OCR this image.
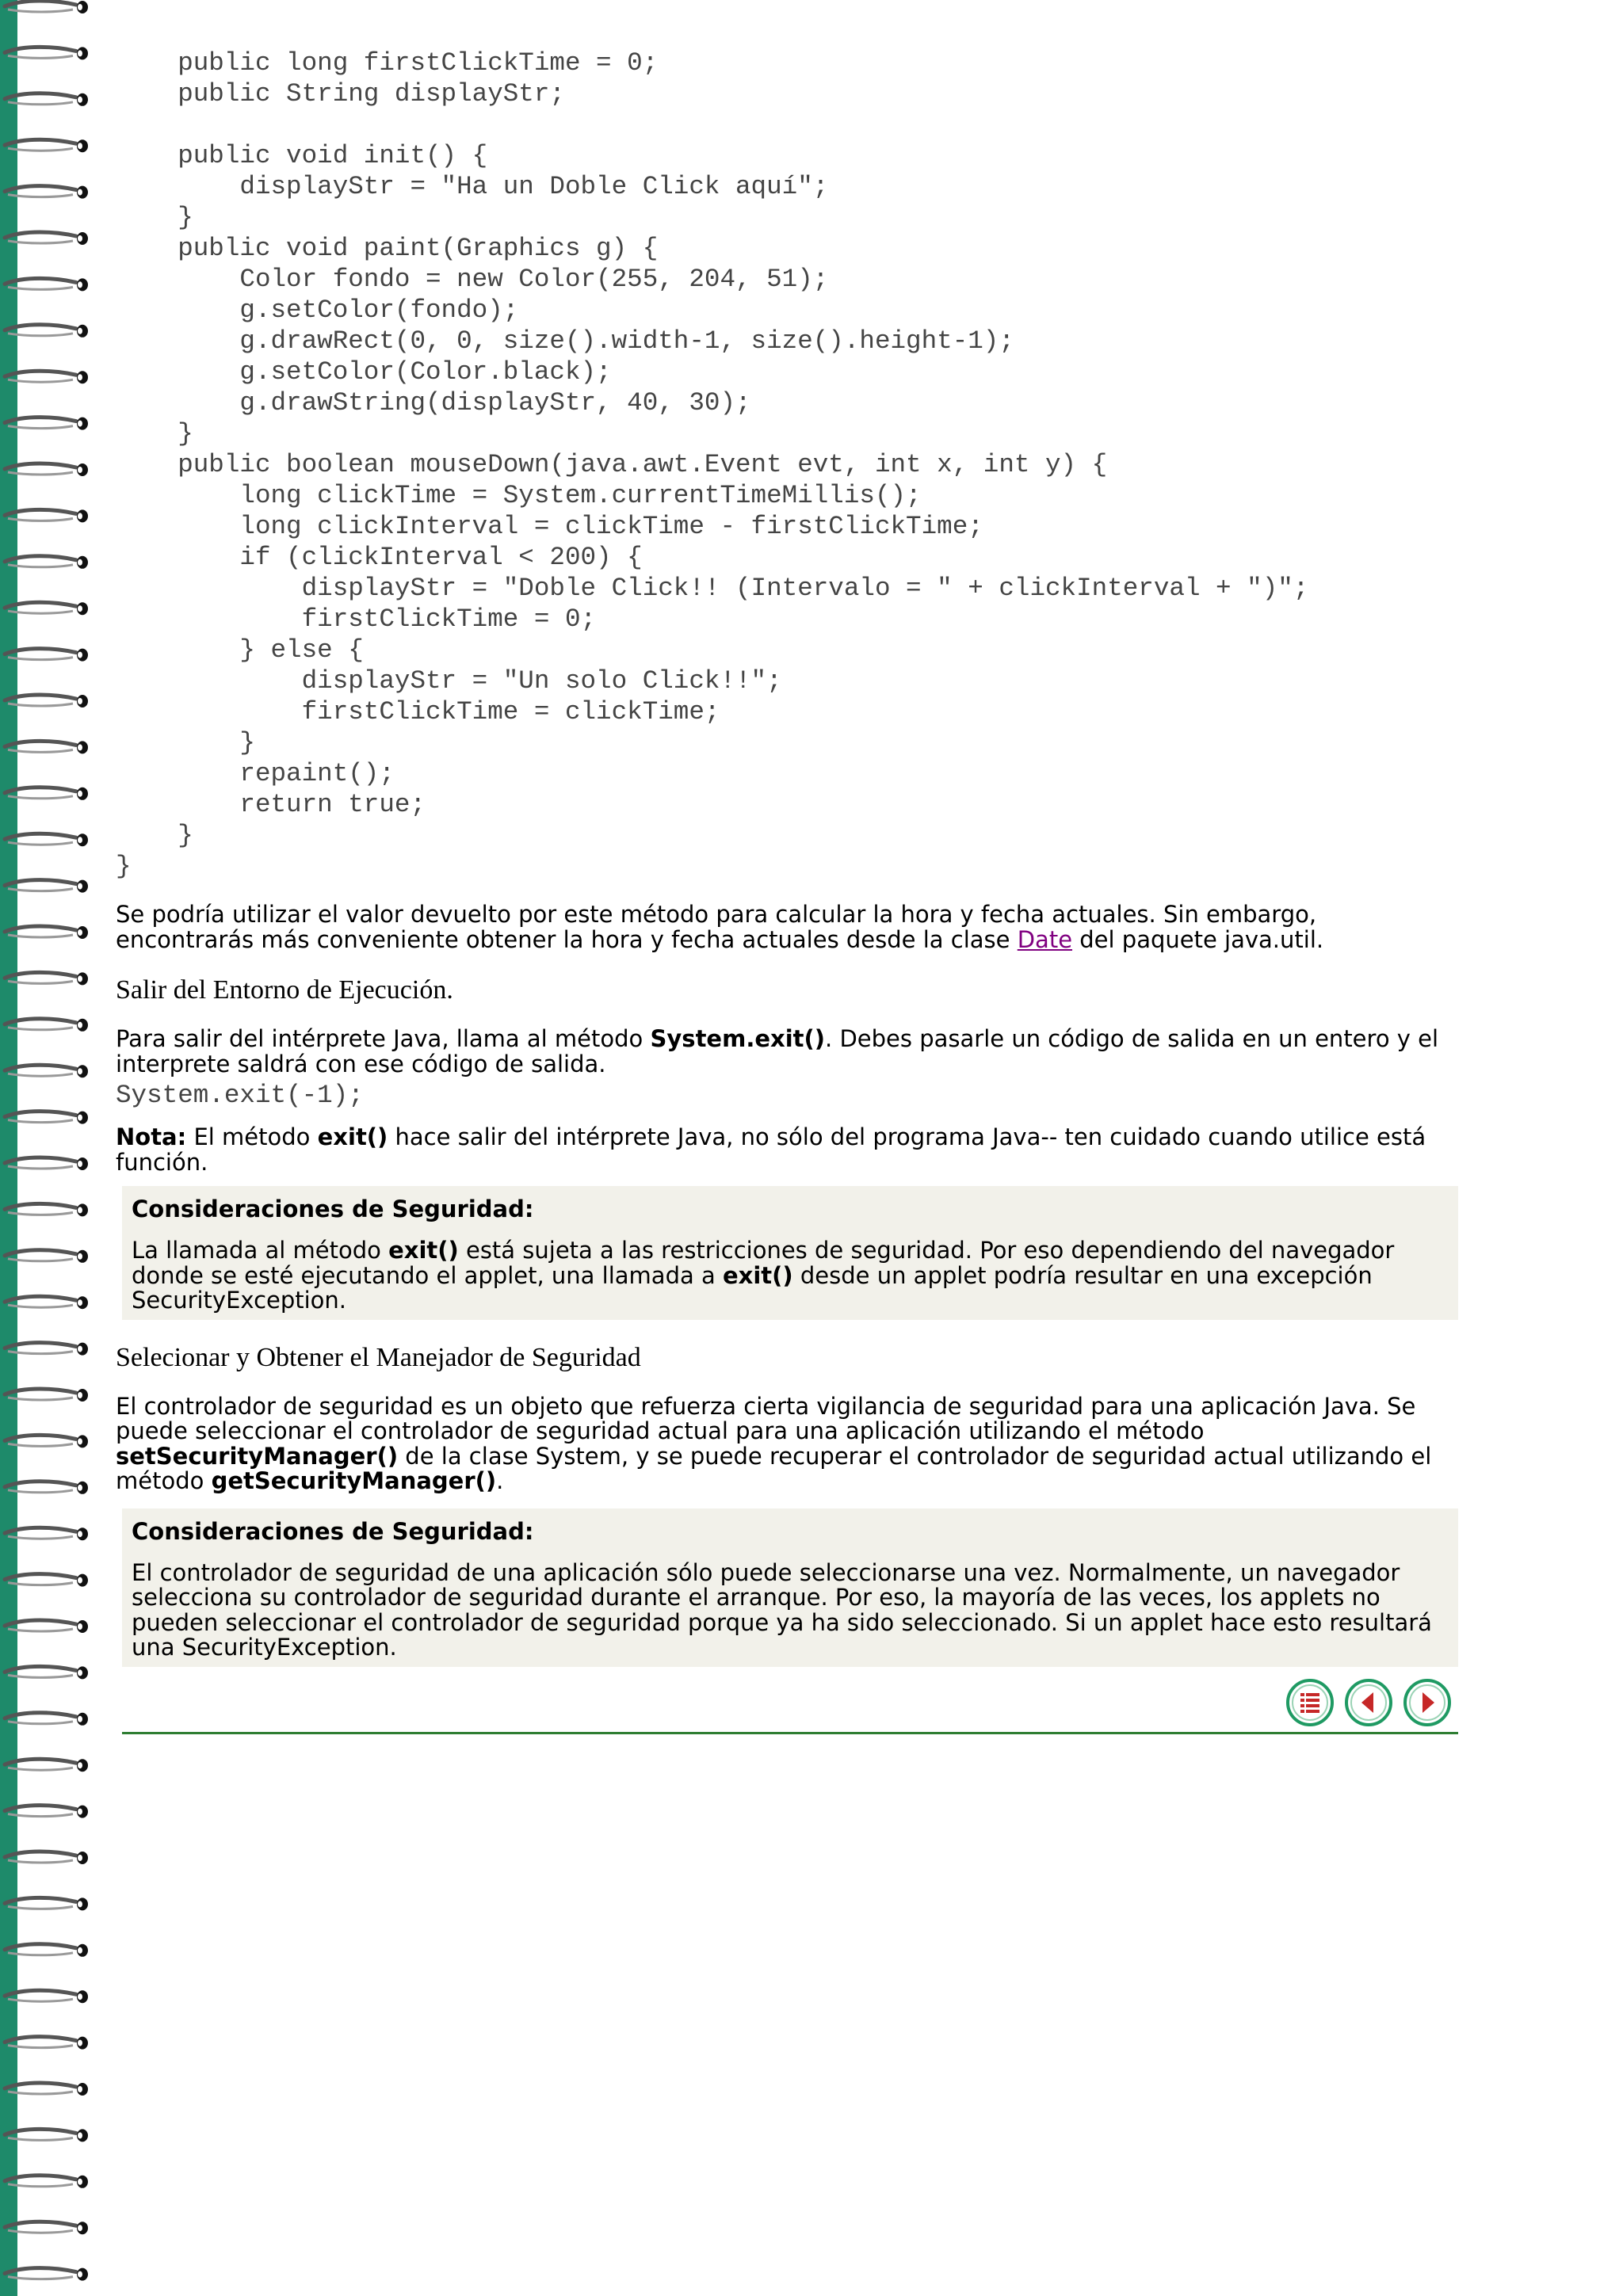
public long firstClickTime = 0;
public String displayStr;

public void init() {
displayStr = "Ha un Doble Click aquí";
}
public void paint(Graphics g) {
Color fondo = new Color(255, 204, 51);
g.setColor(fondo);
g.drawRect(0, 0, size().width-1, size().height-1);
g.setColor(Color.black);
g.drawString(displayStr, 40, 30);
}
public boolean mouseDown(java.awt.Event evt, int x, int y) {
long clickTime = System.currentTimeMillis();
long clickInterval = clickTime - firstClickTime;
if (clickInterval < 200) {
displayStr = "Doble Click!! (Intervalo = " + clickInterval + ")";
firstClickTime = 0;
} else {
displayStr = "Un solo Click!!";
firstClickTime = clickTime;
}
repaint();
return true;
}
}

Se podría utilizar el valor devuelto por este método para calcular la hora y fecha actuales. Sin embargo, encontrarás más conveniente obtener la hora y fecha actuales desde la clase Date del paquete java.util.

Salir del Entorno de Ejecución.

Para salir del intérprete Java, llama al método System.exit(). Debes pasarle un código de salida en un entero y el interprete saldrá con ese código de salida.

System.exit(-1);

Nota: El método exit() hace salir del intérprete Java, no sólo del programa Java-- ten cuidado cuando utilice está función.

Consideraciones de Seguridad:

La llamada al método exit() está sujeta a las restricciones de seguridad. Por eso dependiendo del navegador donde se esté ejecutando el applet, una llamada a exit() desde un applet podría resultar en una excepción SecurityException.

Selecionar y Obtener el Manejador de Seguridad

El controlador de seguridad es un objeto que refuerza cierta vigilancia de seguridad para una aplicación Java. Se puede seleccionar el controlador de seguridad actual para una aplicación utilizando el método setSecurityManager() de la clase System, y se puede recuperar el controlador de seguridad actual utilizando el método getSecurityManager().

Consideraciones de Seguridad:

El controlador de seguridad de una aplicación sólo puede seleccionarse una vez. Normalmente, un navegador selecciona su controlador de seguridad durante el arranque. Por eso, la mayoría de las veces, los applets no pueden seleccionar el controlador de seguridad porque ya ha sido seleccionado. Si un applet hace esto resultará una SecurityException.
